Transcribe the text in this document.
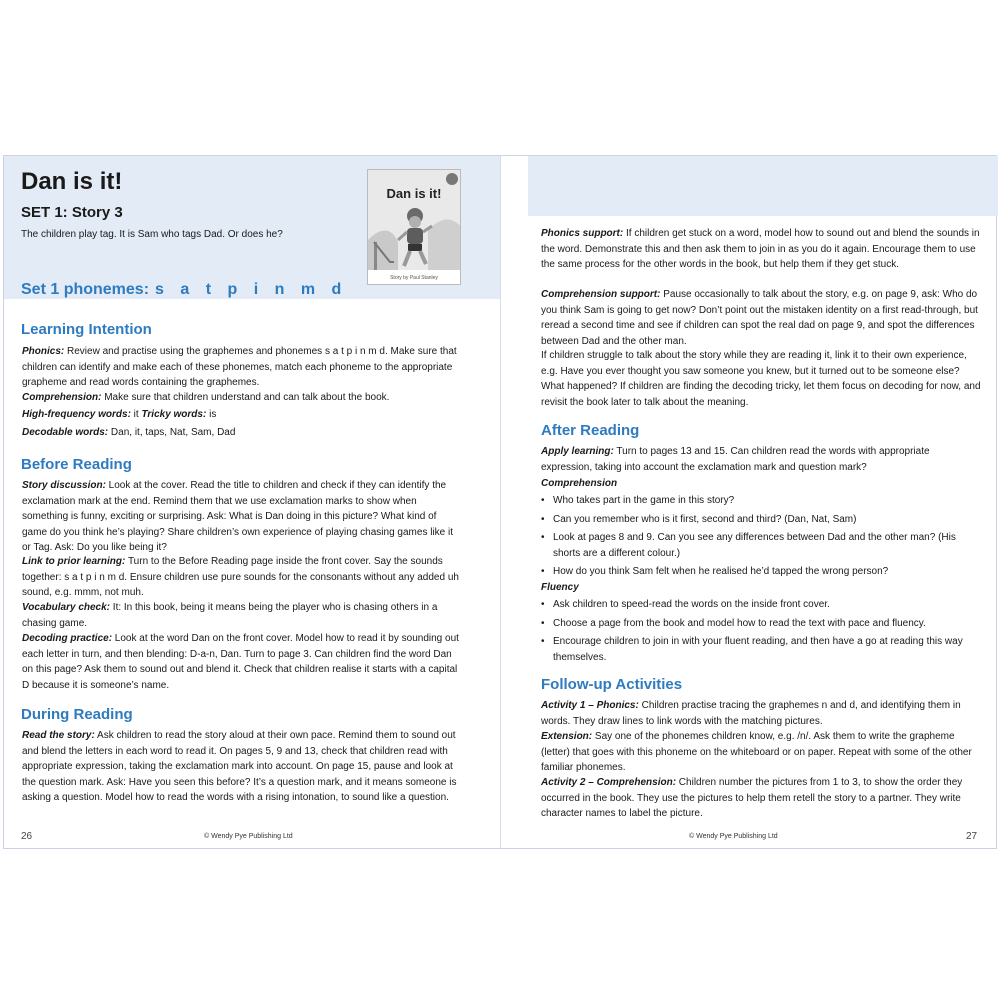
Dan is it!
SET 1: Story 3

The children play tag. It is Sam who tags Dad. Or does he?

Dan is it!
Story by Paul Stanley
Set 1 phonemes: s a t p i n m d
Learning Intention

Phonics: Review and practise using the graphemes and phonemes s a t p i n m d. Make sure that children can identify and make each of these phonemes, match each phoneme to the appropriate grapheme and read words containing the graphemes.

Comprehension: Make sure that children understand and can talk about the book.

High-frequency words: it Tricky words: is

Decodable words: Dan, it, taps, Nat, Sam, Dad

Before Reading

Story discussion: Look at the cover. Read the title to children and check if they can identify the exclamation mark at the end. Remind them that we use exclamation marks to show when something is funny, exciting or surprising. Ask: What is Dan doing in this picture? What kind of game do you think he’s playing? Share children’s own experience of playing chasing games like it or Tag. Ask: Do you like being it?

Link to prior learning: Turn to the Before Reading page inside the front cover. Say the sounds together: s a t p i n m d. Ensure children use pure sounds for the consonants without any added uh sound, e.g. mmm, not muh.

Vocabulary check: It: In this book, being it means being the player who is chasing others in a chasing game.

Decoding practice: Look at the word Dan on the front cover. Model how to read it by sounding out each letter in turn, and then blending: D-a-n, Dan. Turn to page 3. Can children find the word Dan on this page? Ask them to sound out and blend it. Check that children realise it starts with a capital D because it is someone’s name.

During Reading

Read the story: Ask children to read the story aloud at their own pace. Remind them to sound out and blend the letters in each word to read it. On pages 5, 9 and 13, check that children read with appropriate expression, taking the exclamation mark into account. On page 15, pause and look at the question mark. Ask: Have you seen this before? It’s a question mark, and it means someone is asking a question. Model how to read the words with a rising intonation, to sound like a question.

26	© Wendy Pye Publishing Ltd

Phonics support: If children get stuck on a word, model how to sound out and blend the sounds in the word. Demonstrate this and then ask them to join in as you do it again. Encourage them to use the same process for the other words in the book, but help them if they get stuck.

Comprehension support: Pause occasionally to talk about the story, e.g. on page 9, ask: Who do you think Sam is going to get now? Don’t point out the mistaken identity on a first read-through, but reread a second time and see if children can spot the real dad on page 9, and spot the differences between Dad and the other man.

If children struggle to talk about the story while they are reading it, link it to their own experience, e.g. Have you ever thought you saw someone you knew, but it turned out to be someone else? What happened? If children are finding the decoding tricky, let them focus on decoding for now, and revisit the book later to talk about the meaning.

After Reading

Apply learning: Turn to pages 13 and 15. Can children read the words with appropriate expression, taking into account the exclamation mark and question mark?

Comprehension

• Who takes part in the game in this story?
• Can you remember who is it first, second and third? (Dan, Nat, Sam)
• Look at pages 8 and 9. Can you see any differences between Dad and the other man? (His shorts are a different colour.)
• How do you think Sam felt when he realised he’d tapped the wrong person?

Fluency

• Ask children to speed-read the words on the inside front cover.
• Choose a page from the book and model how to read the text with pace and fluency.
• Encourage children to join in with your fluent reading, and then have a go at reading this way themselves.
Follow-up Activities

Activity 1 – Phonics: Children practise tracing the graphemes n and d, and identifying them in words. They draw lines to link words with the matching pictures.

Extension: Say one of the phonemes children know, e.g. /n/. Ask them to write the grapheme (letter) that goes with this phoneme on the whiteboard or on paper. Repeat with some of the other familiar phonemes.

Activity 2 – Comprehension: Children number the pictures from 1 to 3, to show the order they occurred in the book. They use the pictures to help them retell the story to a partner. They write character names to label the picture.

© Wendy Pye Publishing Ltd	27
